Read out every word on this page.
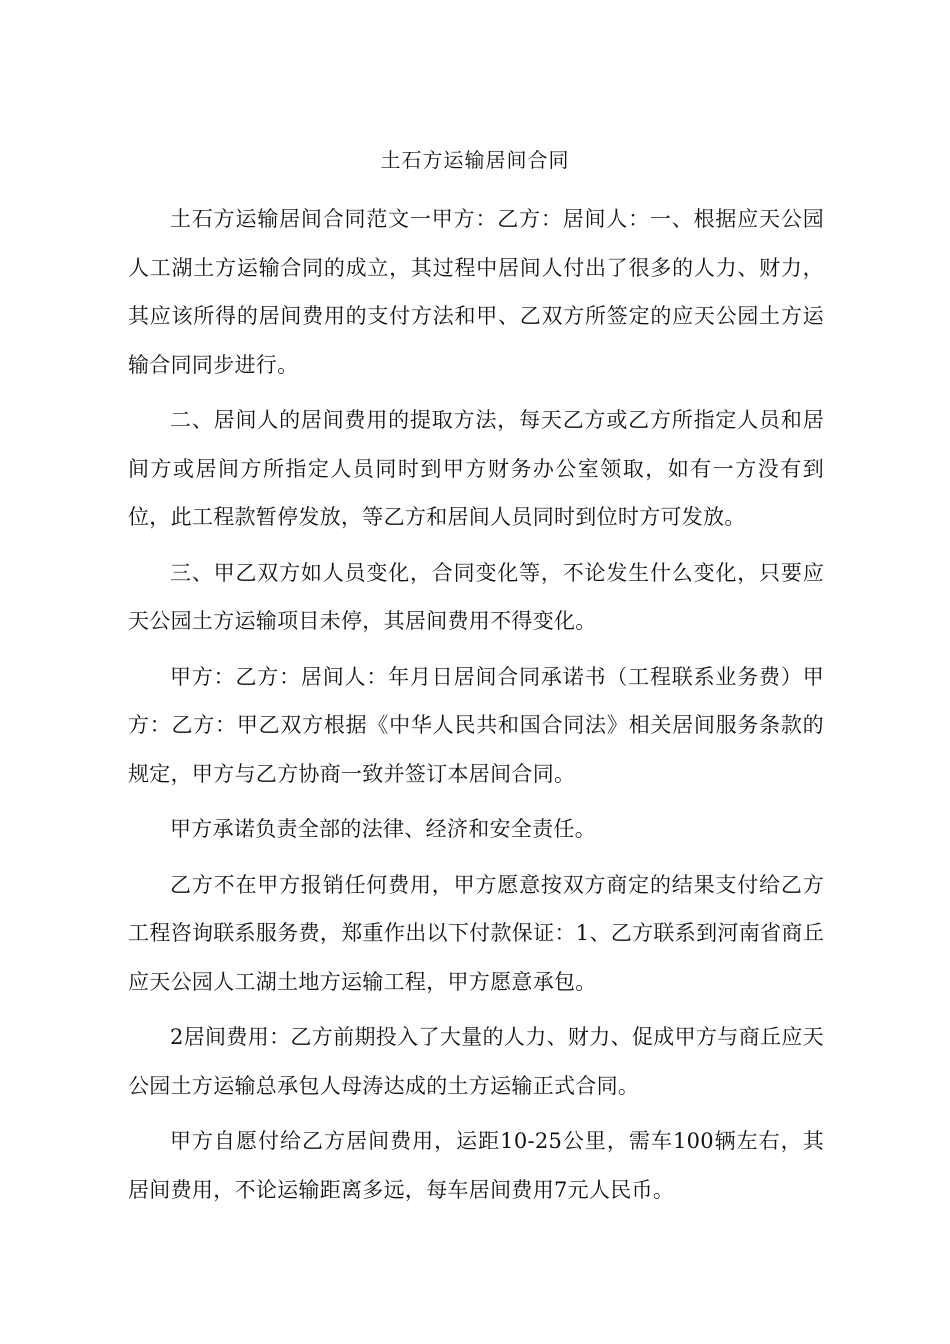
土石方运输居间合同

土石方运输居间合同范文一甲方：乙方：居间人：一、根据应天公园人工湖土方运输合同的成立，其过程中居间人付出了很多的人力、财力，其应该所得的居间费用的支付方法和甲、乙双方所签定的应天公园土方运输合同同步进行。

二、居间人的居间费用的提取方法，每天乙方或乙方所指定人员和居间方或居间方所指定人员同时到甲方财务办公室领取，如有一方没有到位，此工程款暂停发放，等乙方和居间人员同时到位时方可发放。

三、甲乙双方如人员变化，合同变化等，不论发生什么变化，只要应天公园土方运输项目未停，其居间费用不得变化。

甲方：乙方：居间人：年月日居间合同承诺书（工程联系业务费）甲方：乙方：甲乙双方根据《中华人民共和国合同法》相关居间服务条款的规定，甲方与乙方协商一致并签订本居间合同。

甲方承诺负责全部的法律、经济和安全责任。

乙方不在甲方报销任何费用，甲方愿意按双方商定的结果支付给乙方工程咨询联系服务费，郑重作出以下付款保证：1、乙方联系到河南省商丘应天公园人工湖土地方运输工程，甲方愿意承包。

2居间费用：乙方前期投入了大量的人力、财力、促成甲方与商丘应天公园土方运输总承包人母涛达成的土方运输正式合同。

甲方自愿付给乙方居间费用，运距10-25公里，需车100辆左右，其居间费用，不论运输距离多远，每车居间费用7元人民币。
